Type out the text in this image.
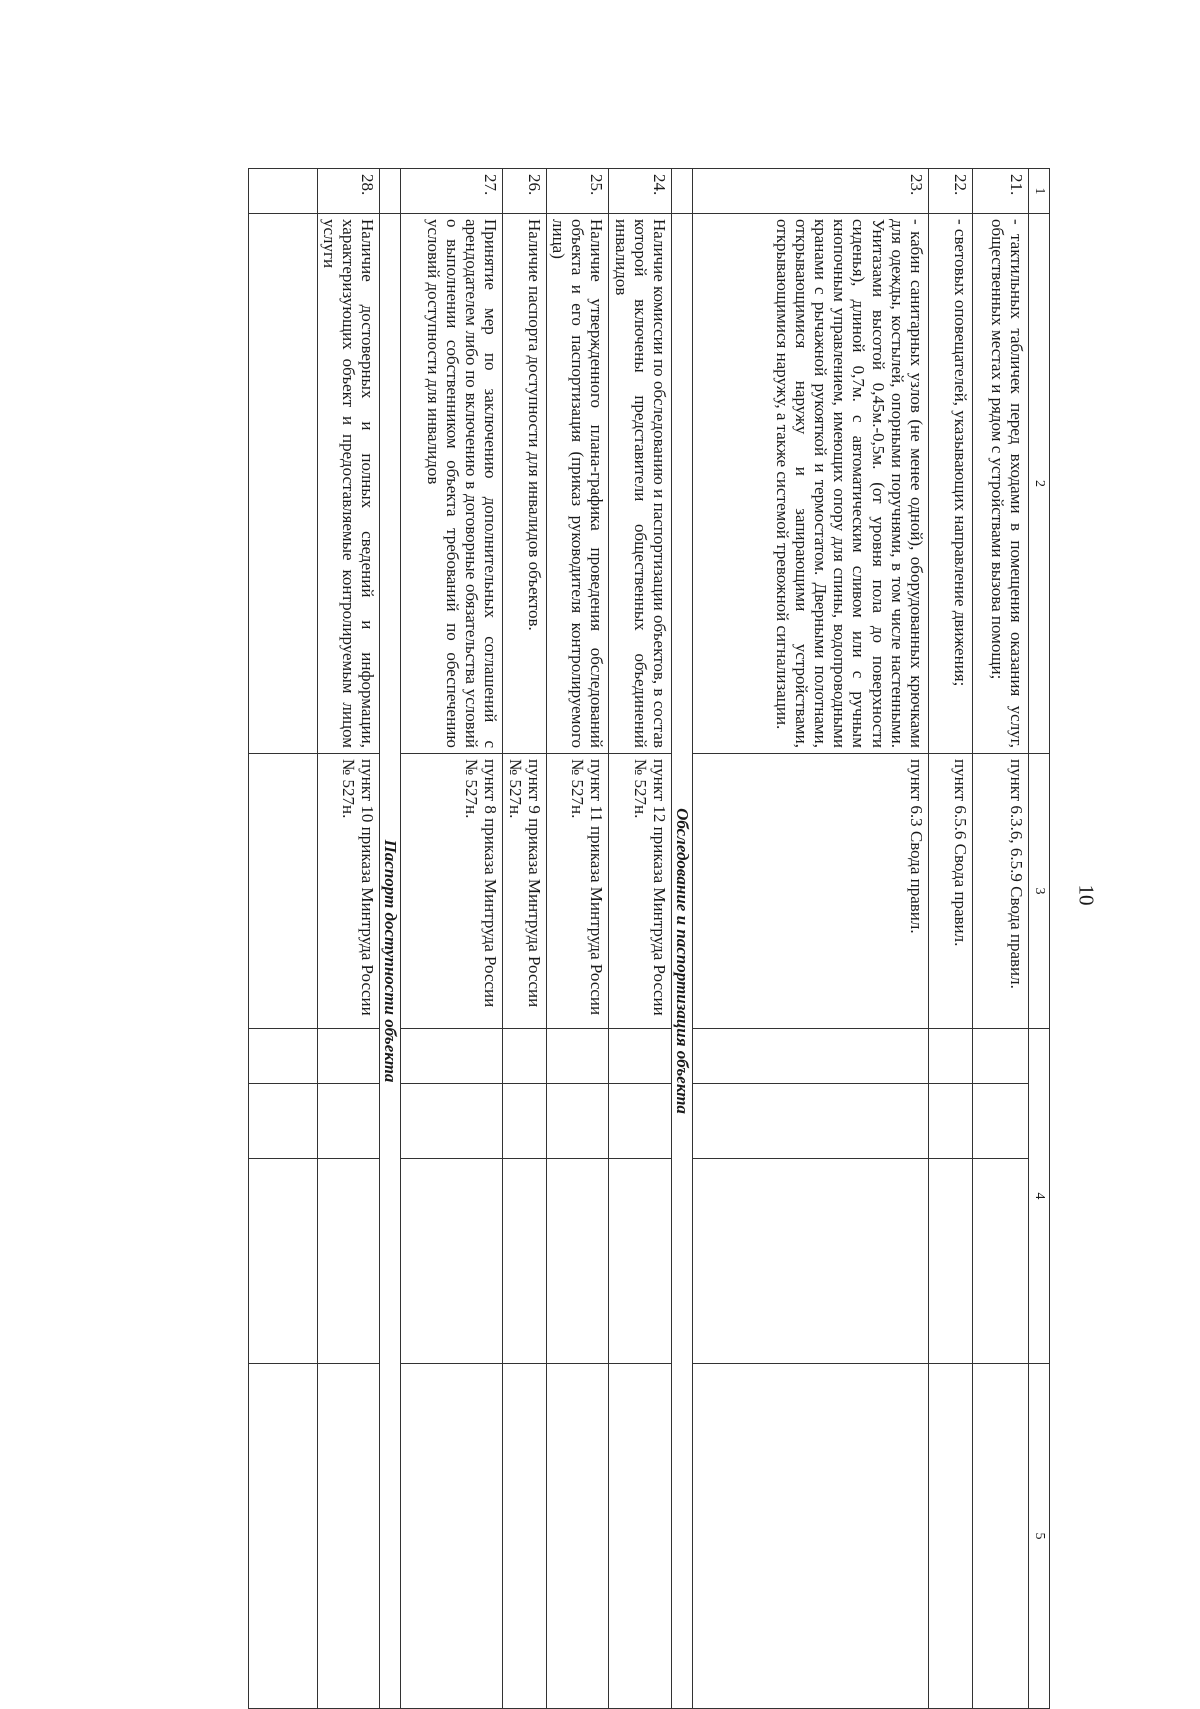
10
1	2	3	4			5
21.	- тактильных табличек перед входами в помещения оказания услуг, общественных местах и рядом с устройствами вызова помощи;	пункт 6.3.6, 6.5.9 Свода правил.				
22.	- световых оповещателей, указывающих направление движения;	пункт 6.5.6 Свода правил.				
23.	- кабин санитарных узлов (не менее одной), оборудованных крючками для одежды, костылей, опорными поручнями, в том числе настенными. Унитазами высотой 0,45м.-0,5м. (от уровня пола до поверхности сиденья), длиной 0,7м. с автоматическим сливом или с ручным кнопочным управлением, имеющих опору для спины, водопроводными кранами с рычажной рукояткой и термостатом. Дверными полотнами, открывающимися наружу и запирающими устройствами, открывающимися наружу, а также системой тревожной сигнализации.	пункт 6.3 Свода правил.				
	Обследование и паспортизация объекта					
24.	Наличие комиссии по обследованию и паспортизации объектов, в состав которой включены представители общественных объединений инвалидов	пункт 12 приказа Минтруда России № 527н.				
25.	Наличие утвержденного плана-графика проведения обследований объекта и его паспортизация (приказ руководителя контролируемого лица)	пункт 11 приказа Минтруда России № 527н.				
26.	Наличие паспорта доступности для инвалидов объектов.	пункт 9 приказа Минтруда России № 527н.				
27.	Принятие мер по заключению дополнительных соглашений с арендодателем либо по включению в договорные обязательства условий о выполнении собственником объекта требований по обеспечению условий доступности для инвалидов	пункт 8 приказа Минтруда России № 527н.				
	Паспорт доступности объекта					
28.	Наличие достоверных и полных сведений и информации, характеризующих объект и предоставляемые контролируемым лицом услуги	пункт 10 приказа Минтруда России № 527н.				
